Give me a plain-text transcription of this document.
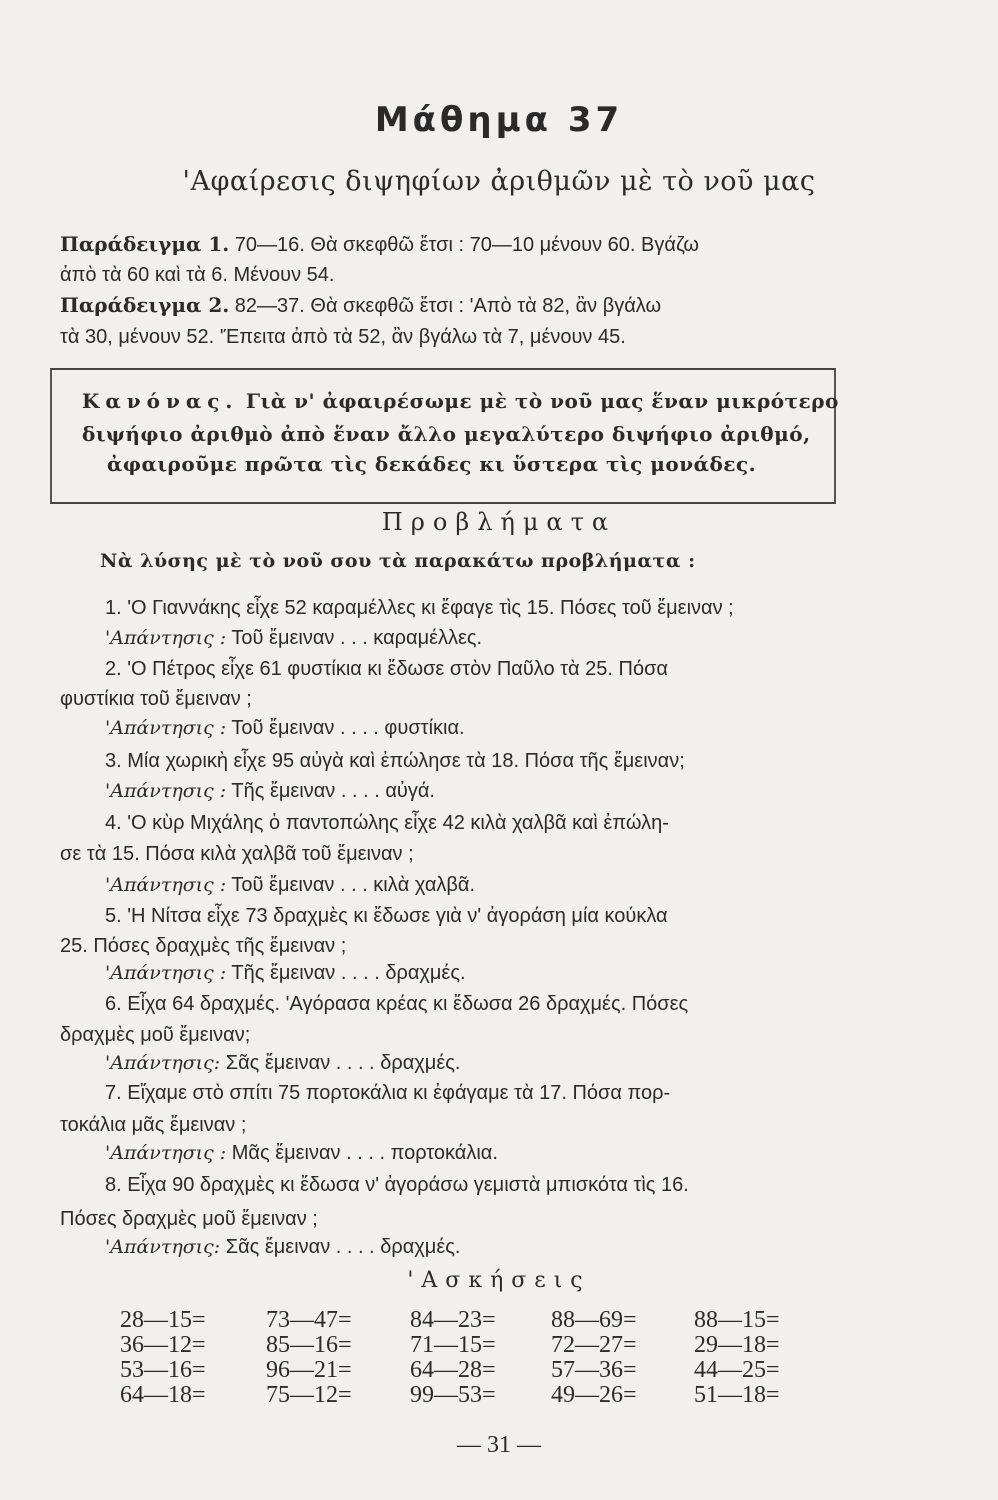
Μάθημα 37
'Αφαίρεσις διψηφίων ἀριθμῶν μὲ τὸ νοῦ μας
Παράδειγμα 1. 70—16. Θὰ σκεφθῶ ἔτσι : 70—10 μένουν 60. Βγάζω
ἀπὸ τὰ 60 καὶ τὰ 6. Μένουν 54.
Παράδειγμα 2. 82—37. Θὰ σκεφθῶ ἔτσι : 'Απὸ τὰ 82, ἂν βγάλω
τὰ 30, μένουν 52. 'Έπειτα ἀπὸ τὰ 52, ἂν βγάλω τὰ 7, μένουν 45.
Κανόνας. Γιὰ ν' ἀφαιρέσωμε μὲ τὸ νοῦ μας ἕναν μικρότερο
διψήφιο ἀριθμὸ ἀπὸ ἕναν ἄλλο μεγαλύτερο διψήφιο ἀριθμό,
ἀφαιροῦμε πρῶτα τὶς δεκάδες κι ὕστερα τὶς μονάδες.
Προβλήματα
Νὰ λύσης μὲ τὸ νοῦ σου τὰ παρακάτω προβλήματα :
1. 'Ο Γιαννάκης εἶχε 52 καραμέλλες κι ἔφαγε τὶς 15. Πόσες τοῦ ἔμειναν ;
'Απάντησις : Τοῦ ἔμειναν . . . καραμέλλες.
2. 'Ο Πέτρος εἶχε 61 φυστίκια κι ἔδωσε στὸν Παῦλο τὰ 25. Πόσα
φυστίκια τοῦ ἔμειναν ;
'Απάντησις : Τοῦ ἔμειναν . . . . φυστίκια.
3. Μία χωρικὴ εἶχε 95 αὐγὰ καὶ ἐπώλησε τὰ 18. Πόσα τῆς ἔμειναν;
'Απάντησις : Τῆς ἔμειναν . . . . αὐγά.
4. 'Ο κὺρ Μιχάλης ὁ παντοπώλης εἶχε 42 κιλὰ χαλβᾶ καὶ ἐπώλη-
σε τὰ 15. Πόσα κιλὰ χαλβᾶ τοῦ ἔμειναν ;
'Απάντησις : Τοῦ ἔμειναν . . . κιλὰ χαλβᾶ.
5. 'Η Νίτσα εἶχε 73 δραχμὲς κι ἔδωσε γιὰ ν' ἀγοράση μία κούκλα
25. Πόσες δραχμὲς τῆς ἔμειναν ;
'Απάντησις : Τῆς ἔμειναν . . . . δραχμές.
6. Εἶχα 64 δραχμές. 'Αγόρασα κρέας κι ἔδωσα 26 δραχμές. Πόσες
δραχμὲς μοῦ ἔμειναν;
'Απάντησις: Σᾶς ἔμειναν . . . . δραχμές.
7. Εἴχαμε στὸ σπίτι 75 πορτοκάλια κι ἐφάγαμε τὰ 17. Πόσα πορ-
τοκάλια μᾶς ἔμειναν ;
'Απάντησις : Μᾶς ἔμειναν . . . . πορτοκάλια.
8. Εἶχα 90 δραχμὲς κι ἔδωσα ν' ἀγοράσω γεμιστὰ μπισκότα τὶς 16.
Πόσες δραχμὲς μοῦ ἔμειναν ;
'Απάντησις: Σᾶς ἔμειναν . . . . δραχμές.
'Ασκήσεις
28—15=
36—12=
53—16=
64—18=
73—47=
85—16=
96—21=
75—12=
84—23=
71—15=
64—28=
99—53=
88—69=
72—27=
57—36=
49—26=
88—15=
29—18=
44—25=
51—18=
— 31 —
